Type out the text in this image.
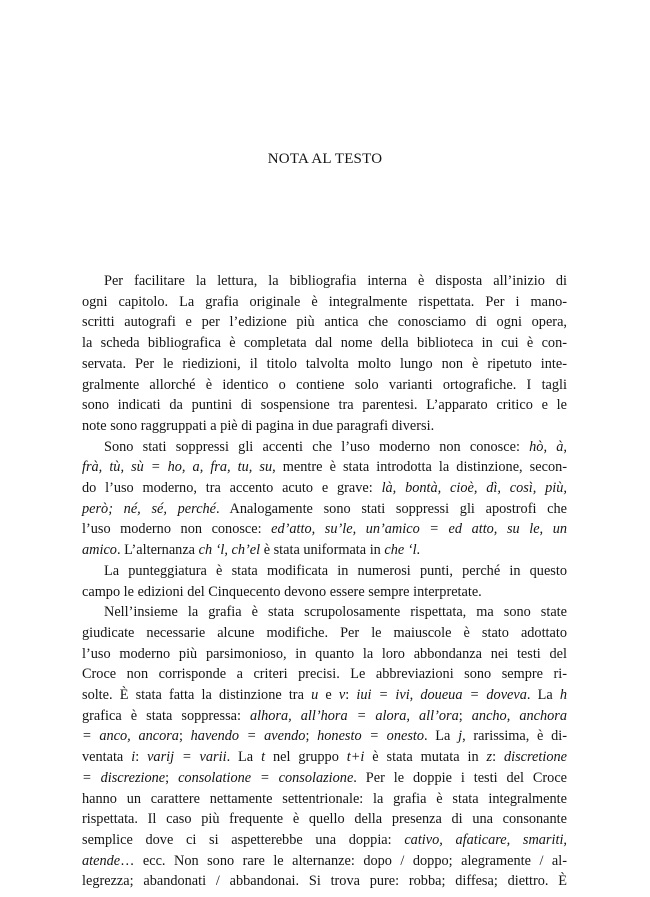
NOTA AL TESTO
Per facilitare la lettura, la bibliografia interna è disposta all’inizio di
ogni capitolo. La grafia originale è integralmente rispettata. Per i mano-
scritti autografi e per l’edizione più antica che conosciamo di ogni opera,
la scheda bibliografica è completata dal nome della biblioteca in cui è con-
servata. Per le riedizioni, il titolo talvolta molto lungo non è ripetuto inte-
gralmente allorché è identico o contiene solo varianti ortografiche. I tagli
sono indicati da puntini di sospensione tra parentesi. L’apparato critico e le
note sono raggruppati a piè di pagina in due paragrafi diversi.
Sono stati soppressi gli accenti che l’uso moderno non conosce: hò, à,
frà, tù, sù = ho, a, fra, tu, su, mentre è stata introdotta la distinzione, secon-
do l’uso moderno, tra accento acuto e grave: là, bontà, cioè, dì, così, più,
però; né, sé, perché. Analogamente sono stati soppressi gli apostrofi che
l’uso moderno non conosce: ed’atto, su’le, un’amico = ed atto, su le, un
amico. L’alternanza ch ‘l, ch’el è stata uniformata in che ‘l.
La punteggiatura è stata modificata in numerosi punti, perché in questo
campo le edizioni del Cinquecento devono essere sempre interpretate.
Nell’insieme la grafia è stata scrupolosamente rispettata, ma sono state
giudicate necessarie alcune modifiche. Per le maiuscole è stato adottato
l’uso moderno più parsimonioso, in quanto la loro abbondanza nei testi del
Croce non corrisponde a criteri precisi. Le abbreviazioni sono sempre ri-
solte. È stata fatta la distinzione tra u e v: iui = ivi, doueua = doveva. La h
grafica è stata soppressa: alhora, all’hora = alora, all’ora; ancho, anchora
= anco, ancora; havendo = avendo; honesto = onesto. La j, rarissima, è di-
ventata i: varij = varii. La t nel gruppo t+i è stata mutata in z: discretione
= discrezione; consolatione = consolazione. Per le doppie i testi del Croce
hanno un carattere nettamente settentrionale: la grafia è stata integralmente
rispettata. Il caso più frequente è quello della presenza di una consonante
semplice dove ci si aspetterebbe una doppia: cativo, afaticare, smariti,
atende… ecc. Non sono rare le alternanze: dopo / doppo; alegramente / al-
legrezza; abandonati / abbandonai. Si trova pure: robba; diffesa; diettro. È
